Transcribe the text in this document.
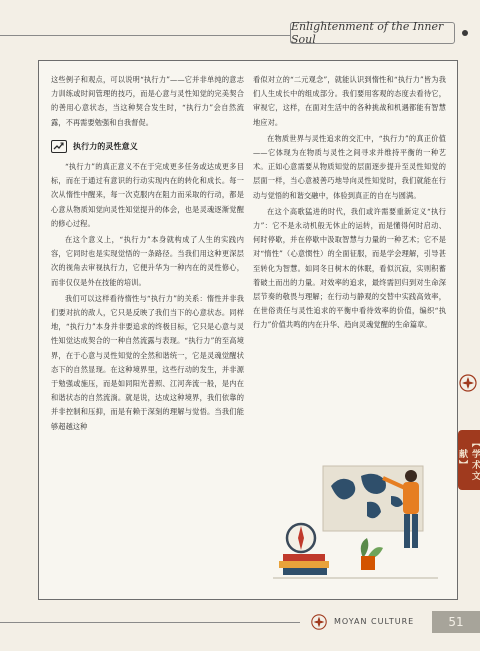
Enlightenment of the Inner Soul

这些例子和观点，可以说明“执行力”——它并非单纯的意志力训练或时间管理的技巧，而是心意与灵性知觉的完美契合的善用心意状态，当这种契合发生时，“执行力”会自然流露，不再需要勉强和自我督促。

执行力的灵性意义

“执行力”的真正意义不在于完成更多任务或达成更多目标，而在于通过有意识的行动实现内在的转化和成长。每一次从惰性中醒来，每一次克服内在阻力而采取的行动，都是心意从物质知觉向灵性知觉提升的体会，也是灵魂逐渐觉醒的修心过程。

在这个意义上，“执行力”本身就构成了人生的实践内容，它同时也是实现觉悟的一条路径。当我们用这种更深层次的视角去审视执行力，它便升华为一种内在的灵性修心，而非仅仅是外在技能的培训。

我们可以这样看待惰性与“执行力”的关系：惰性并非我们要对抗的敌人，它只是反映了我们当下的心意状态。同样地，“执行力”本身并非要追求的终极目标，它只是心意与灵性知觉达成契合的一种自然流露与表现。“执行力”的至高境界，在于心意与灵性知觉的全然和谐统一，它是灵魂觉醒状态下的自然显现。在这种境界里，这些行动的发生，并非源于勉强或施压，而是如同阳光普照、江河奔流一般，是内在和谐状态的自然流淌。就是说，达成这种境界，我们依靠的并非控制和压抑，而是有赖于深刻的理解与觉悟。当我们能够超越这种

看似对立的“二元观念”，就能认识到惰性和“执行力”皆为我们人生成长中的组成部分。我们要用客观的态度去看待它，审视它，这样，在面对生活中的各种挑战和机遇都能有智慧地应对。

在物质世界与灵性追求的交汇中，“执行力”的真正价值——它体现为在物质与灵性之间寻求并维持平衡的一种艺术。正如心意需要从物质知觉的层面逐步提升至灵性知觉的层面一样，当心意被善巧地导向灵性知觉时，我们就能在行动与觉悟的和谐交融中，体验到真正的自在与圆满。

在这个高歌猛进的时代，我们或许需要重新定义“执行力”：它不是永动机般无休止的运转，而是懂得何时启动、何时停歇，并在停歇中汲取智慧与力量的一种艺术；它不是对“惰性”（心意惯性）的全面征服，而是学会理解，引导甚至转化为智慧。如同冬日树木的休眠，看似沉寂，实则积蓄着破土而出的力量。对效率的追求，最终需回归到对生命深层节奏的敬畏与理解；在行动与静观的交替中实践高效率，在世俗责任与灵性追求的平衡中看待效率的价值，编织“执行力”价值共鸣的内在升华、趋向灵魂觉醒的生命篇章。

【学术文献】
MOYAN CULTURE	51
